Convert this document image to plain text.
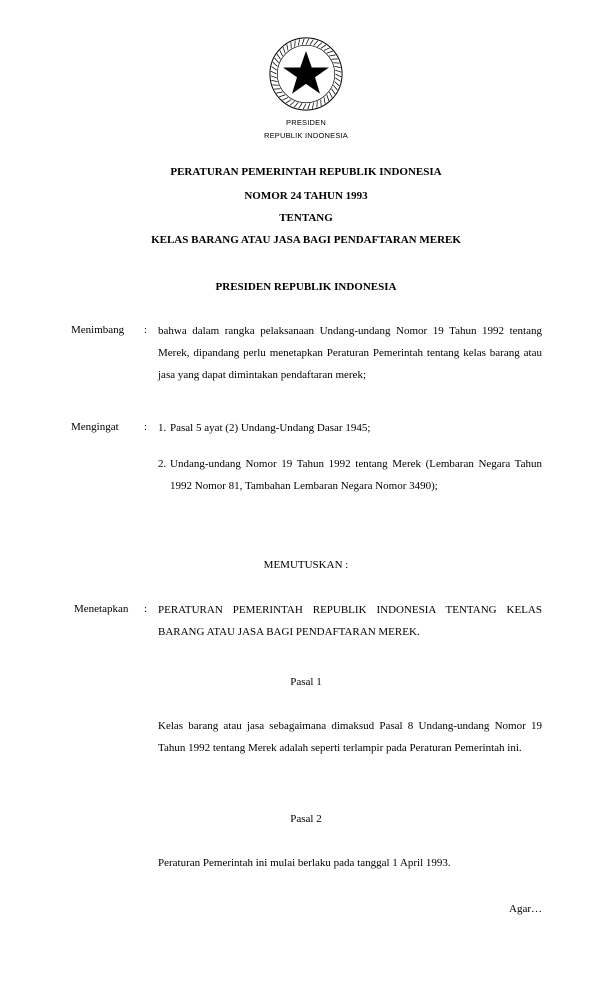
PRESIDEN
REPUBLIK INDONESIA
PERATURAN PEMERINTAH REPUBLIK INDONESIA
NOMOR 24 TAHUN 1993
TENTANG
KELAS BARANG ATAU JASA BAGI PENDAFTARAN MEREK
PRESIDEN REPUBLIK INDONESIA
Menimbang : bahwa dalam rangka pelaksanaan Undang-undang Nomor 19 Tahun 1992 tentang Merek, dipandang perlu menetapkan Peraturan Pemerintah tentang kelas barang atau jasa yang dapat dimintakan pendaftaran merek;
Mengingat : 1. Pasal 5 ayat (2) Undang-Undang Dasar 1945;
2. Undang-undang Nomor 19 Tahun 1992 tentang Merek (Lembaran Negara Tahun 1992 Nomor 81, Tambahan Lembaran Negara Nomor 3490);
MEMUTUSKAN :
Menetapkan : PERATURAN PEMERINTAH REPUBLIK INDONESIA TENTANG KELAS BARANG ATAU JASA BAGI PENDAFTARAN MEREK.
Pasal 1
Kelas barang atau jasa sebagaimana dimaksud Pasal 8 Undang-undang Nomor 19 Tahun 1992 tentang Merek adalah seperti terlampir pada Peraturan Pemerintah ini.
Pasal 2
Peraturan Pemerintah ini mulai berlaku pada tanggal 1 April 1993.
Agar…
